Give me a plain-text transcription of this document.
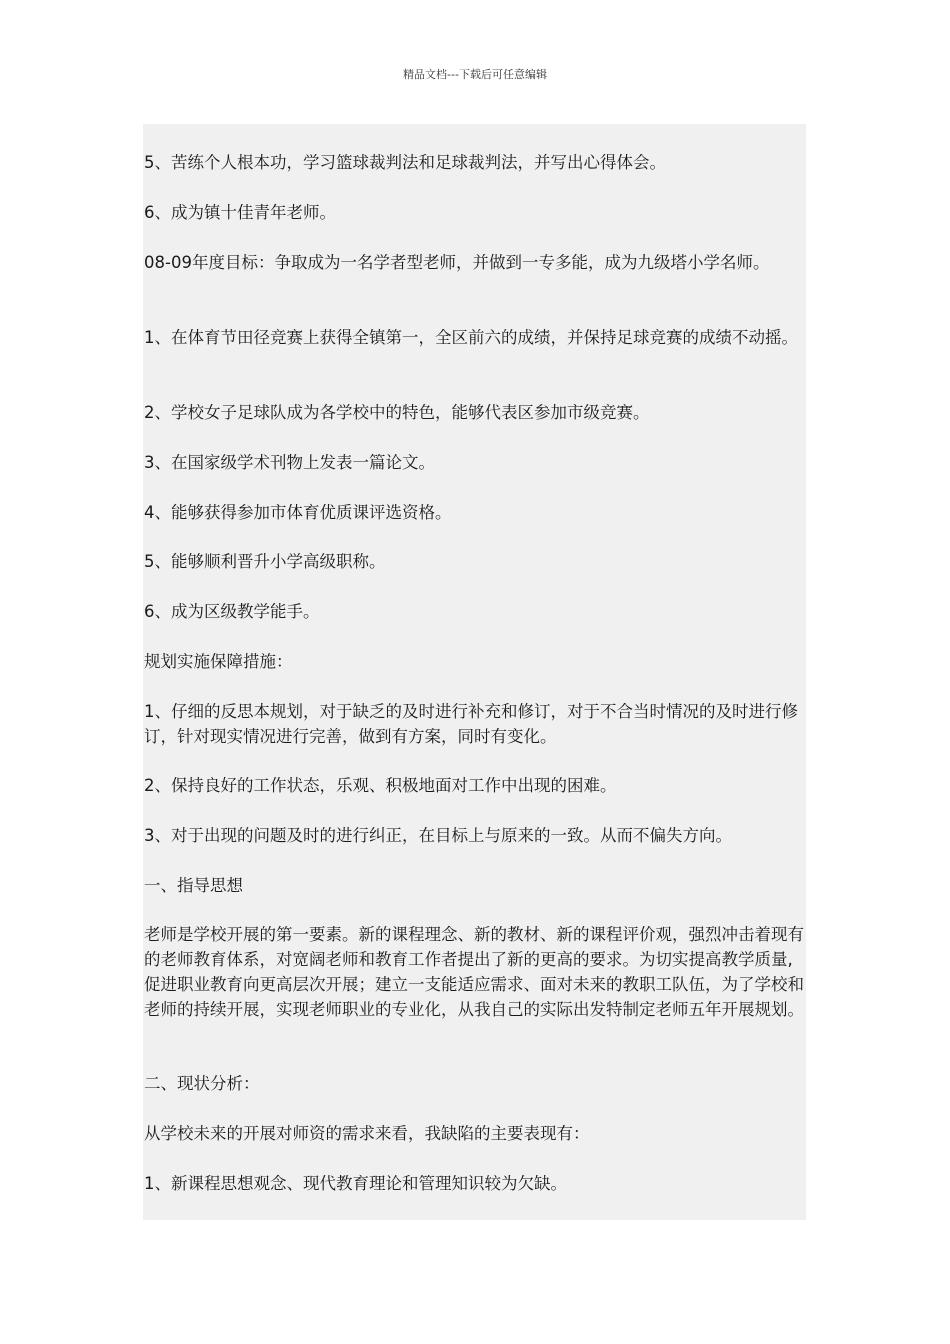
精品文档---下载后可任意编辑

5、苦练个人根本功，学习篮球裁判法和足球裁判法，并写出心得体会。

6、成为镇十佳青年老师。

08-09年度目标：争取成为一名学者型老师，并做到一专多能，成为九级塔小学名师。

1、在体育节田径竞赛上获得全镇第一，全区前六的成绩，并保持足球竞赛的成绩不动摇。

2、学校女子足球队成为各学校中的特色，能够代表区参加市级竞赛。

3、在国家级学术刊物上发表一篇论文。

4、能够获得参加市体育优质课评选资格。

5、能够顺利晋升小学高级职称。

6、成为区级教学能手。

规划实施保障措施：

1、仔细的反思本规划，对于缺乏的及时进行补充和修订，对于不合当时情况的及时进行修订，针对现实情况进行完善，做到有方案，同时有变化。

2、保持良好的工作状态，乐观、积极地面对工作中出现的困难。

3、对于出现的问题及时的进行纠正，在目标上与原来的一致。从而不偏失方向。

一、指导思想

老师是学校开展的第一要素。新的课程理念、新的教材、新的课程评价观，强烈冲击着现有的老师教育体系，对宽阔老师和教育工作者提出了新的更高的要求。为切实提高教学质量,促进职业教育向更高层次开展；建立一支能适应需求、面对未来的教职工队伍，为了学校和老师的持续开展，实现老师职业的专业化，从我自己的实际出发特制定老师五年开展规划。

二、现状分析：

从学校未来的开展对师资的需求来看，我缺陷的主要表现有：

1、新课程思想观念、现代教育理论和管理知识较为欠缺。
